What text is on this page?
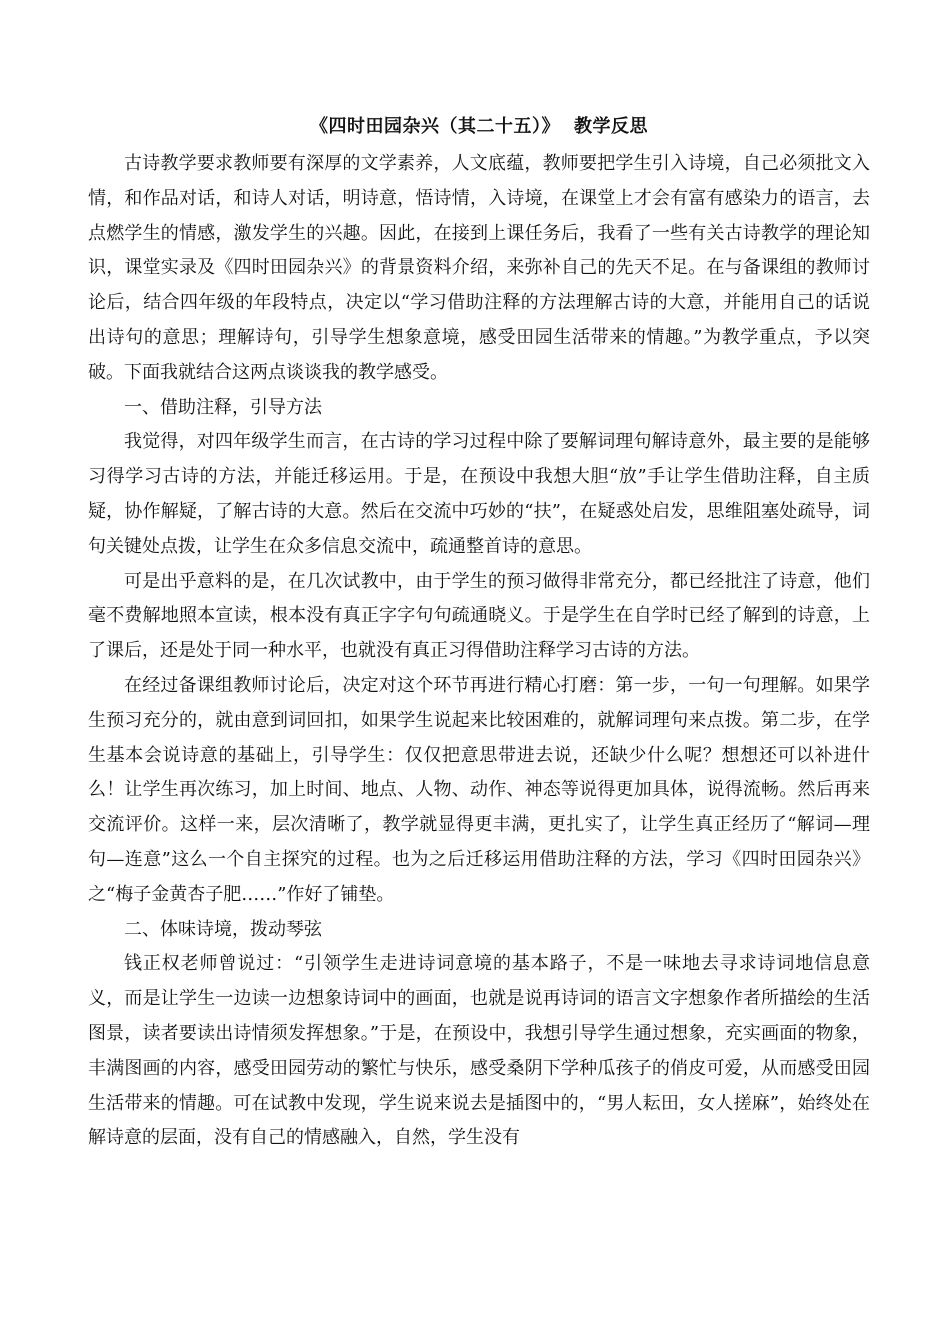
《四时田园杂兴（其二十五）》 教学反思

古诗教学要求教师要有深厚的文学素养，人文底蕴，教师要把学生引入诗境，自己必须批文入情，和作品对话，和诗人对话，明诗意，悟诗情，入诗境，在课堂上才会有富有感染力的语言，去点燃学生的情感，激发学生的兴趣。因此，在接到上课任务后，我看了一些有关古诗教学的理论知识，课堂实录及《四时田园杂兴》的背景资料介绍，来弥补自己的先天不足。在与备课组的教师讨论后，结合四年级的年段特点，决定以“学习借助注释的方法理解古诗的大意，并能用自己的话说出诗句的意思；理解诗句，引导学生想象意境，感受田园生活带来的情趣。”为教学重点，予以突破。下面我就结合这两点谈谈我的教学感受。

一、借助注释，引导方法

我觉得，对四年级学生而言，在古诗的学习过程中除了要解词理句解诗意外，最主要的是能够习得学习古诗的方法，并能迁移运用。于是，在预设中我想大胆“放”手让学生借助注释，自主质疑，协作解疑，了解古诗的大意。然后在交流中巧妙的“扶”，在疑惑处启发，思维阻塞处疏导，词句关键处点拨，让学生在众多信息交流中，疏通整首诗的意思。

可是出乎意料的是，在几次试教中，由于学生的预习做得非常充分，都已经批注了诗意，他们毫不费解地照本宣读，根本没有真正字字句句疏通晓义。于是学生在自学时已经了解到的诗意，上了课后，还是处于同一种水平，也就没有真正习得借助注释学习古诗的方法。

在经过备课组教师讨论后，决定对这个环节再进行精心打磨：第一步，一句一句理解。如果学生预习充分的，就由意到词回扣，如果学生说起来比较困难的，就解词理句来点拨。第二步，在学生基本会说诗意的基础上，引导学生：仅仅把意思带进去说，还缺少什么呢？想想还可以补进什么！让学生再次练习，加上时间、地点、人物、动作、神态等说得更加具体，说得流畅。然后再来交流评价。这样一来，层次清晰了，教学就显得更丰满，更扎实了，让学生真正经历了“解词—理句—连意”这么一个自主探究的过程。也为之后迁移运用借助注释的方法，学习《四时田园杂兴》之“梅子金黄杏子肥……”作好了铺垫。

二、体味诗境，拨动琴弦

钱正权老师曾说过：“引领学生走进诗词意境的基本路子，不是一味地去寻求诗词地信息意义，而是让学生一边读一边想象诗词中的画面，也就是说再诗词的语言文字想象作者所描绘的生活图景，读者要读出诗情须发挥想象。”于是，在预设中，我想引导学生通过想象，充实画面的物象，丰满图画的内容，感受田园劳动的繁忙与快乐，感受桑阴下学种瓜孩子的俏皮可爱，从而感受田园生活带来的情趣。可在试教中发现，学生说来说去是插图中的，“男人耘田，女人搓麻”，始终处在解诗意的层面，没有自己的情感融入，自然，学生没有
